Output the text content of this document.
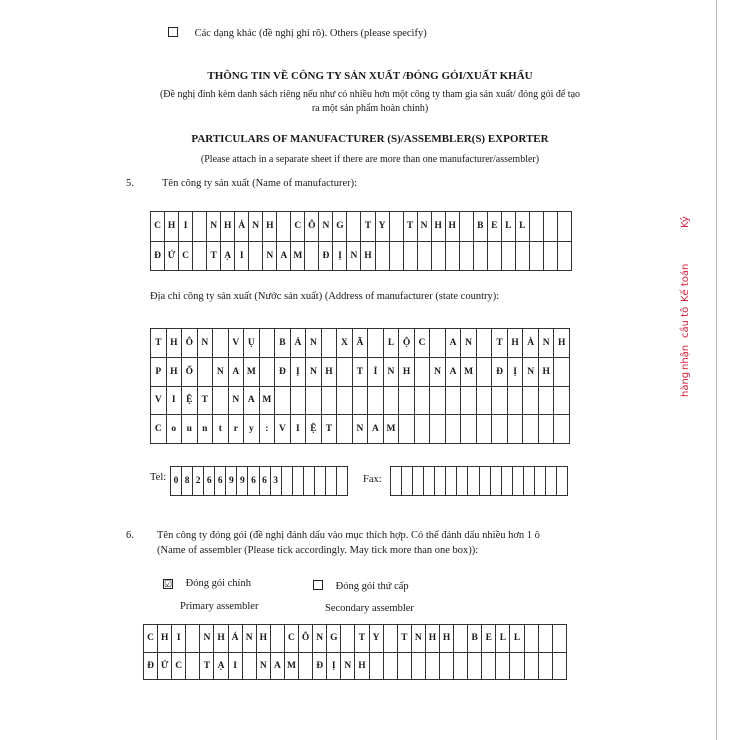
Các dạng khác (đề nghị ghi rõ). Others (please specify)
THÔNG TIN VỀ CÔNG TY SẢN XUẤT /ĐÓNG GÓI/XUẤT KHẨU
(Đề nghị đính kèm danh sách riêng nếu như có nhiều hơn một công ty tham gia sản xuất/ đóng gói để tạo
ra một sản phẩm hoàn chỉnh)
PARTICULARS OF MANUFACTURER (S)/ASSEMBLER(S) EXPORTER
(Please attach in a separate sheet if there are more than one manufacturer/assembler)
5.	Tên công ty sản xuất (Name of manufacturer):
C	H	I		N	H	Á	N	H		C	Ô	N	G		T	Y		T	N	H	H		B	E	L	L			
Đ	Ứ	C		T	Ạ	I		N	A	M		Đ	Ị	N	H														
Địa chỉ công ty sản xuất (Nước sản xuất) (Address of manufacturer (state country):
T	H	Ô	N		V	Ụ		B	Ả	N		X	Ã		L	Ộ	C		A	N		T	H	À	N	H
P	H	Ố		N	A	M		Đ	Ị	N	H		T	Ỉ	N	H		N	A	M		Đ	Ị	N	H	
V	I	Ệ	T		N	A	M																			
C	o	u	n	t	r	y	:	V	I	Ệ	T		N	A	M											
Tel: 0	8	2	6	6	9	9	6	6	3							Fax:

6. Tên công ty đóng gói (đề nghị đánh dấu vào mục thích hợp. Có thể đánh dấu nhiều hơn 1 ô
(Name of assembler (Please tick accordingly. May tick more than one box)):
☑ Đóng gói chính	Đóng gói thứ cấp
Primary assembler	Secondary assembler
C	H	I		N	H	Á	N	H		C	Ô	N	G		T	Y		T	N	H	H		B	E	L	L			
Đ	Ứ	C		T	Ạ	I		N	A	M		Đ	Ị	N	H														
Ký
Kế toán
cầu tô
nhận
hàng
